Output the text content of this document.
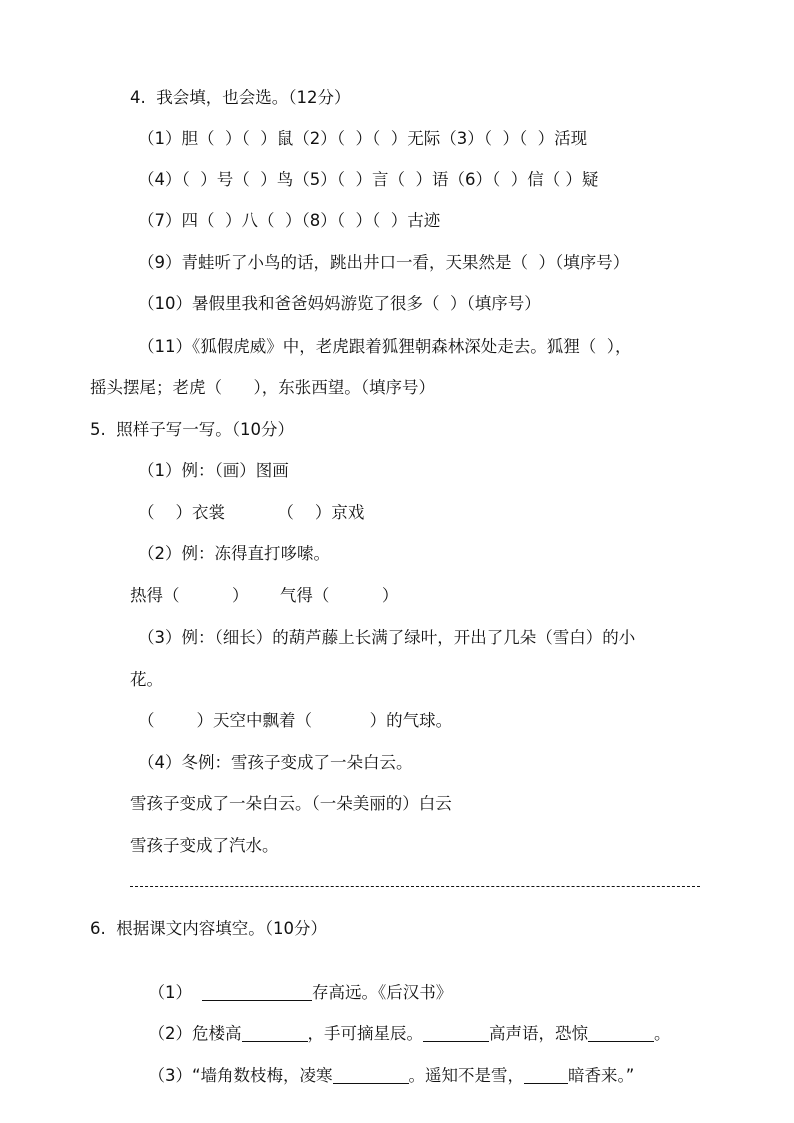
4.  我会填，也会选。（12分）
（1）胆（  ）（  ）鼠（2）（  ）（  ）无际（3）（  ）（  ）活现
（4）（  ）号（  ）鸟（5）（  ）言（  ）语（6）（  ）信（ ）疑
（7）四（  ）八（  ）（8）（  ）（  ）古迹
（9）青蛙听了小鸟的话，跳出井口一看，天果然是（  ）（填序号）
（10）暑假里我和爸爸妈妈游览了很多（  ）（填序号）
（11）《狐假虎威》中，老虎跟着狐狸朝森林深处走去。狐狸（  ），
摇头摆尾；老虎（      ），东张西望。（填序号）
5.  照样子写一写。（10分）
（1）例：（画）图画
（    ）衣裳          （    ）京戏
（2）例：冻得直打哆嗦。
热得（          ）      气得（          ）
（3）例：（细长）的葫芦藤上长满了绿叶，开出了几朵（雪白）的小
花。
（        ）天空中飘着（           ）的气球。
（4）冬例：雪孩子变成了一朵白云。
雪孩子变成了一朵白云。（一朵美丽的）白云
雪孩子变成了汽水。
6.  根据课文内容填空。（10分）

（1）	存高远。《后汉书》

（2）危楼高	，手可摘星辰。	高声语，恐惊	。

（3）“墙角数枝梅，凌寒	。遥知不是雪，	暗香来。”
